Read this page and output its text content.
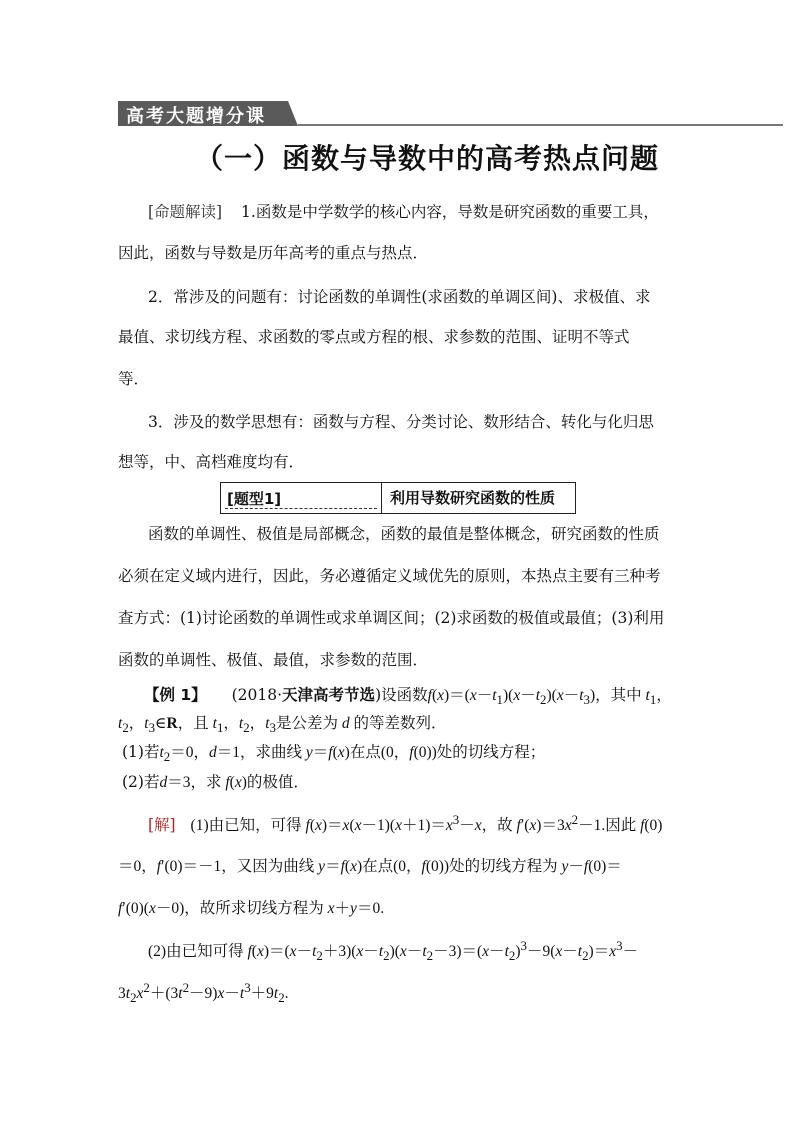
高考大题增分课
（一）函数与导数中的高考热点问题
[命题解读] 1.函数是中学数学的核心内容，导数是研究函数的重要工具，
因此，函数与导数是历年高考的重点与热点．
2．常涉及的问题有：讨论函数的单调性(求函数的单调区间)、求极值、求
最值、求切线方程、求函数的零点或方程的根、求参数的范围、证明不等式
等．
3．涉及的数学思想有：函数与方程、分类讨论、数形结合、转化与化归思
想等，中、高档难度均有．
[题型1]	利用导数研究函数的性质
函数的单调性、极值是局部概念，函数的最值是整体概念，研究函数的性质
必须在定义域内进行，因此，务必遵循定义域优先的原则，本热点主要有三种考
查方式：(1)讨论函数的单调性或求单调区间；(2)求函数的极值或最值；(3)利用
函数的单调性、极值、最值，求参数的范围．
【例 1】 (2018·天津高考节选)设函数$f(x)=(x-t_1)(x-t_2)(x-t_3)$，其中 $t_1$，
$t_2$，$t_3\in R$，且 $t_1$，$t_2$，$t_3$是公差为 d 的等差数列．
(1)若$t_2=0$，d＝1，求曲线 y＝f(x)在点(0，f(0))处的切线方程；
(2)若d＝3，求 f(x)的极值．
[解] (1)由已知，可得 $f(x)=x(x-1)(x+1)=x^3-x$，故 $f'(x)=3x^2-1$.因此 f(0)
＝0，f′(0)＝－1，又因为曲线 y＝f(x)在点(0，f(0))处的切线方程为 y－f(0)＝
f′(0)(x－0)，故所求切线方程为 x＋y＝0.
(2)由已知可得 $f(x)=(x-t_2+3)(x-t_2)(x-t_2-3)=(x-t_2)^3-9(x-t_2)=x^3-$
$3t_2x^2+(3t^2-9)x-t^3+9t_2$.
